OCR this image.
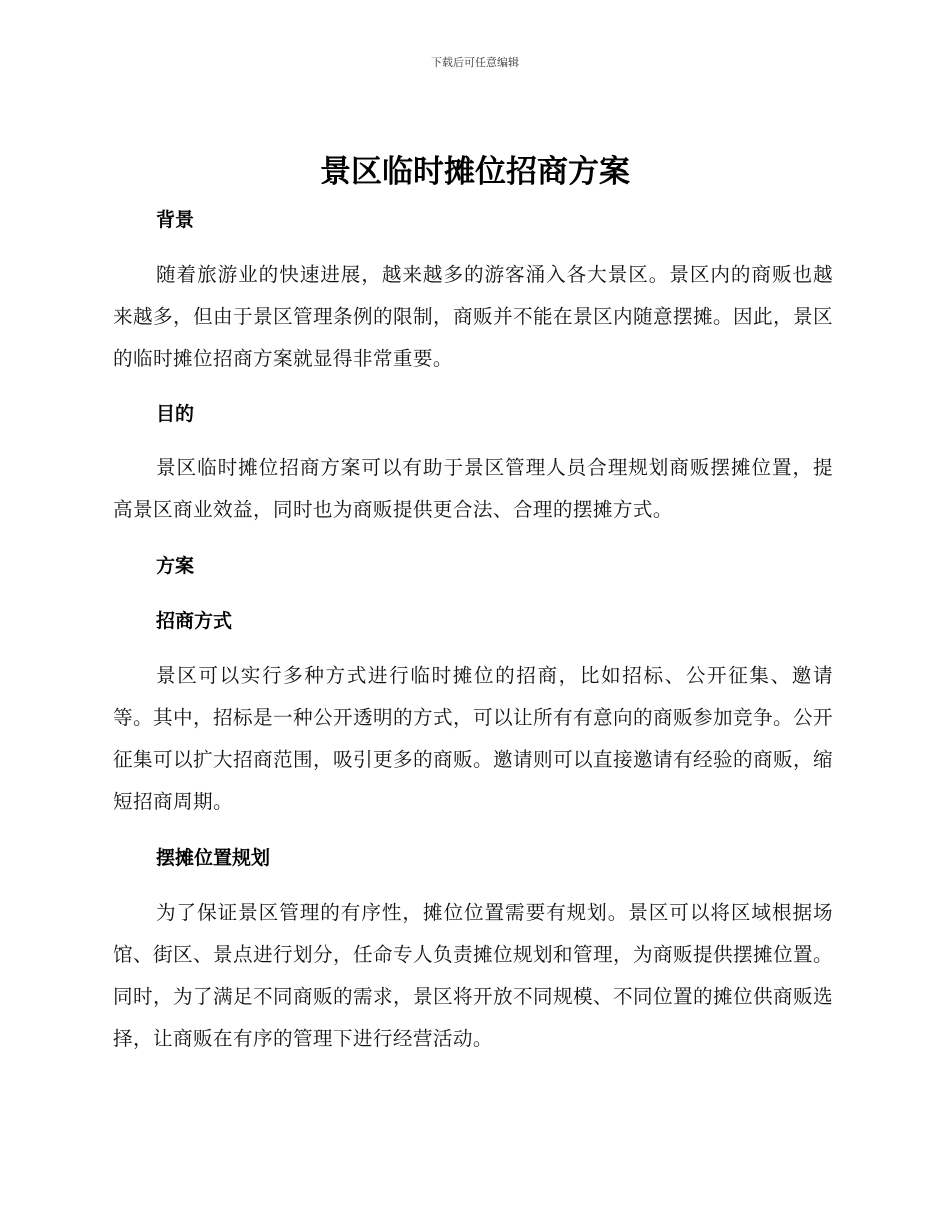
下载后可任意编辑
景区临时摊位招商方案
背景

随着旅游业的快速进展，越来越多的游客涌入各大景区。景区内的商贩也越来越多，但由于景区管理条例的限制，商贩并不能在景区内随意摆摊。因此，景区的临时摊位招商方案就显得非常重要。

目的

景区临时摊位招商方案可以有助于景区管理人员合理规划商贩摆摊位置，提高景区商业效益，同时也为商贩提供更合法、合理的摆摊方式。

方案
招商方式

景区可以实行多种方式进行临时摊位的招商，比如招标、公开征集、邀请等。其中，招标是一种公开透明的方式，可以让所有有意向的商贩参加竞争。公开征集可以扩大招商范围，吸引更多的商贩。邀请则可以直接邀请有经验的商贩，缩短招商周期。

摆摊位置规划

为了保证景区管理的有序性，摊位位置需要有规划。景区可以将区域根据场馆、街区、景点进行划分，任命专人负责摊位规划和管理，为商贩提供摆摊位置。同时，为了满足不同商贩的需求，景区将开放不同规模、不同位置的摊位供商贩选择，让商贩在有序的管理下进行经营活动。
